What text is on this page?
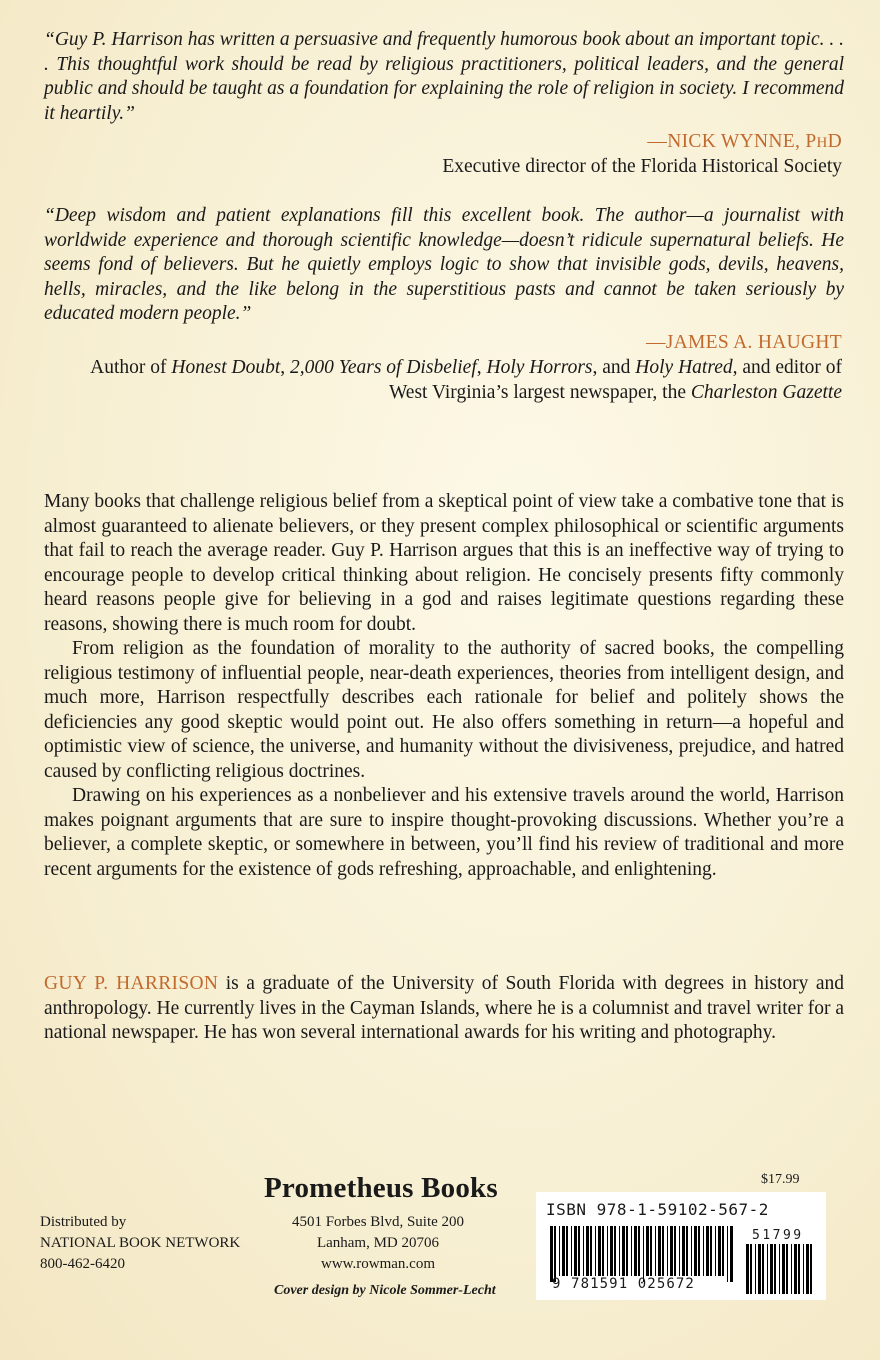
“Guy P. Harrison has written a persuasive and frequently humorous book about an important topic. . . . This thoughtful work should be read by religious practitioners, political leaders, and the general public and should be taught as a foundation for explaining the role of religion in society. I recommend it heartily.”
—NICK WYNNE, PHD
Executive director of the Florida Historical Society
“Deep wisdom and patient explanations fill this excellent book. The author—a journalist with worldwide experience and thorough scientific knowledge—doesn’t ridicule supernatural beliefs. He seems fond of believers. But he quietly employs logic to show that invisible gods, devils, heavens, hells, miracles, and the like belong in the superstitious pasts and cannot be taken seriously by educated modern people.”
—JAMES A. HAUGHT
Author of Honest Doubt, 2,000 Years of Disbelief, Holy Horrors, and Holy Hatred, and editor of West Virginia’s largest newspaper, the Charleston Gazette

Many books that challenge religious belief from a skeptical point of view take a combative tone that is almost guaranteed to alienate believers, or they present complex philosophical or scientific arguments that fail to reach the average reader. Guy P. Harrison argues that this is an ineffective way of trying to encourage people to develop critical thinking about religion. He concisely presents fifty commonly heard reasons people give for believing in a god and raises legitimate questions regarding these reasons, showing there is much room for doubt.

From religion as the foundation of morality to the authority of sacred books, the compelling religious testimony of influential people, near-death experiences, theories from intelligent design, and much more, Harrison respectfully describes each rationale for belief and politely shows the deficiencies any good skeptic would point out. He also offers something in return—a hopeful and optimistic view of science, the universe, and humanity without the divisiveness, prejudice, and hatred caused by conflicting religious doctrines.

Drawing on his experiences as a nonbeliever and his extensive travels around the world, Harrison makes poignant arguments that are sure to inspire thought-provoking discussions. Whether you’re a believer, a complete skeptic, or somewhere in between, you’ll find his review of traditional and more recent arguments for the existence of gods refreshing, approachable, and enlightening.

GUY P. HARRISON is a graduate of the University of South Florida with degrees in history and anthropology. He currently lives in the Cayman Islands, where he is a columnist and travel writer for a national newspaper. He has won several international awards for his writing and photography.
Prometheus Books
Distributed by
NATIONAL BOOK NETWORK
800-462-6420
4501 Forbes Blvd, Suite 200
Lanham, MD 20706
www.rowman.com
Cover design by Nicole Sommer-Lecht
$17.99
ISBN 978-1-59102-567-2
51799
9 781591 025672
